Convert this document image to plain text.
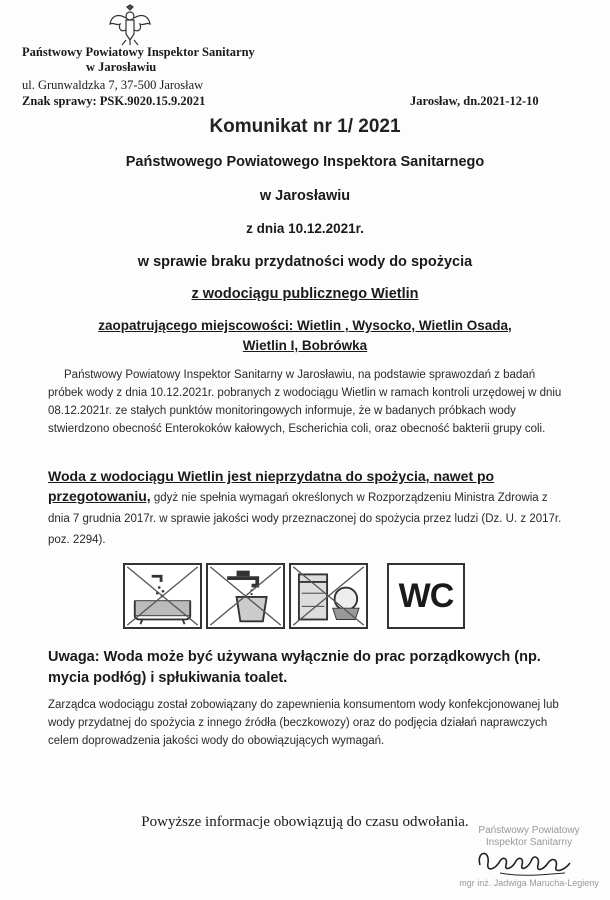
Państwowy Powiatowy Inspektor Sanitarny
w Jarosławiu
ul. Grunwaldzka 7, 37-500 Jarosław
Znak sprawy: PSK.9020.15.9.2021	Jarosław, dn.2021-12-10
Komunikat nr 1/ 2021
Państwowego Powiatowego Inspektora Sanitarnego
w Jarosławiu
z dnia 10.12.2021r.
w sprawie braku przydatności wody do spożycia
z wodociągu publicznego Wietlin
zaopatrującego miejscowości: Wietlin , Wysocko, Wietlin Osada,
Wietlin I, Bobrówka
Państwowy Powiatowy Inspektor Sanitarny w Jarosławiu, na podstawie sprawozdań z badań próbek wody z dnia 10.12.2021r. pobranych z wodociągu Wietlin w ramach kontroli urzędowej w dniu 08.12.2021r. ze stałych punktów monitoringowych informuje, że w badanych próbkach wody stwierdzono obecność Enterokoków kałowych, Escherichia coli, oraz obecność bakterii grupy coli.
Woda z wodociągu Wietlin jest nieprzydatna do spożycia, nawet po przegotowaniu, gdyż nie spełnia wymagań określonych w Rozporządzeniu Ministra Zdrowia z dnia 7 grudnia 2017r. w sprawie jakości wody przeznaczonej do spożycia przez ludzi (Dz. U. z 2017r. poz. 2294).
WC
Uwaga: Woda może być używana wyłącznie do prac porządkowych (np. mycia podłóg) i spłukiwania toalet.
Zarządca wodociągu został zobowiązany do zapewnienia konsumentom wody konfekcjonowanej lub wody przydatnej do spożycia z innego źródła (beczkowozy) oraz do podjęcia działań naprawczych celem doprowadzenia jakości wody do obowiązujących wymagań.
Powyższe informacje obowiązują do czasu odwołania.
Państwowy Powiatowy
Inspektor Sanitarny
mgr inż. Jadwiga Marucha-Legieny
